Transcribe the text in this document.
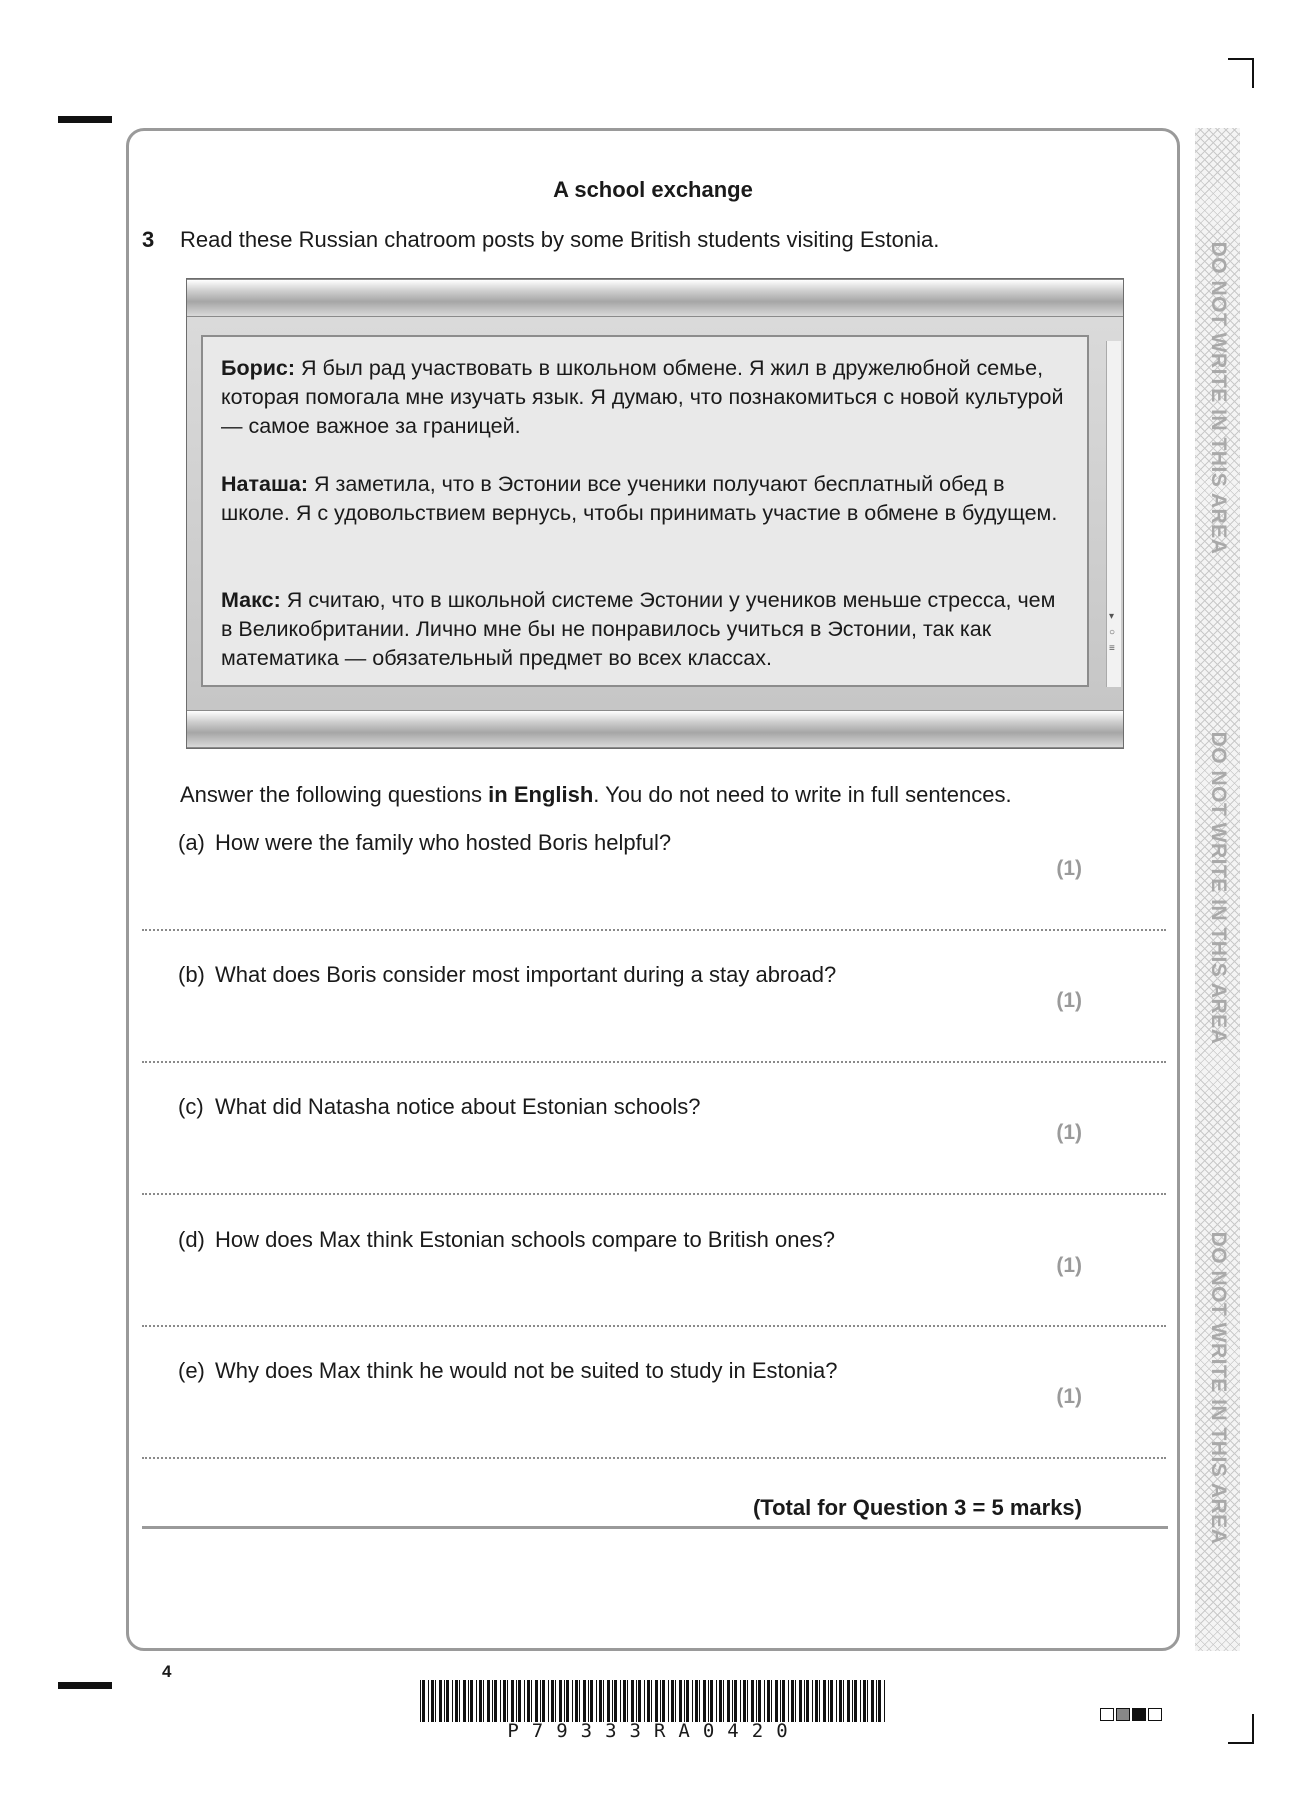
DO NOT WRITE IN THIS AREA
DO NOT WRITE IN THIS AREA
DO NOT WRITE IN THIS AREA
A school exchange
3 Read these Russian chatroom posts by some British students visiting Estonia.
Борис: Я был рад участвовать в школьном обмене. Я жил в дружелюбной семье, которая помогала мне изучать язык. Я думаю, что познакомиться с новой культурой — самое важное за границей.
Наташа: Я заметила, что в Эстонии все ученики получают бесплатный обед в школе. Я с удовольствием вернусь, чтобы принимать участие в обмене в будущем.
Макс: Я считаю, что в школьной системе Эстонии у учеников меньше стресса, чем в Великобритании. Лично мне бы не понравилось учиться в Эстонии, так как математика — обязательный предмет во всех классах.
▾
○
≡
Answer the following questions in English. You do not need to write in full sentences.
(a) How were the family who hosted Boris helpful?
(1)
(b) What does Boris consider most important during a stay abroad?
(1)
(c) What did Natasha notice about Estonian schools?
(1)
(d) How does Max think Estonian schools compare to British ones?
(1)
(e) Why does Max think he would not be suited to study in Estonia?
(1)
(Total for Question 3 = 5 marks)
4
P79333RA0420
